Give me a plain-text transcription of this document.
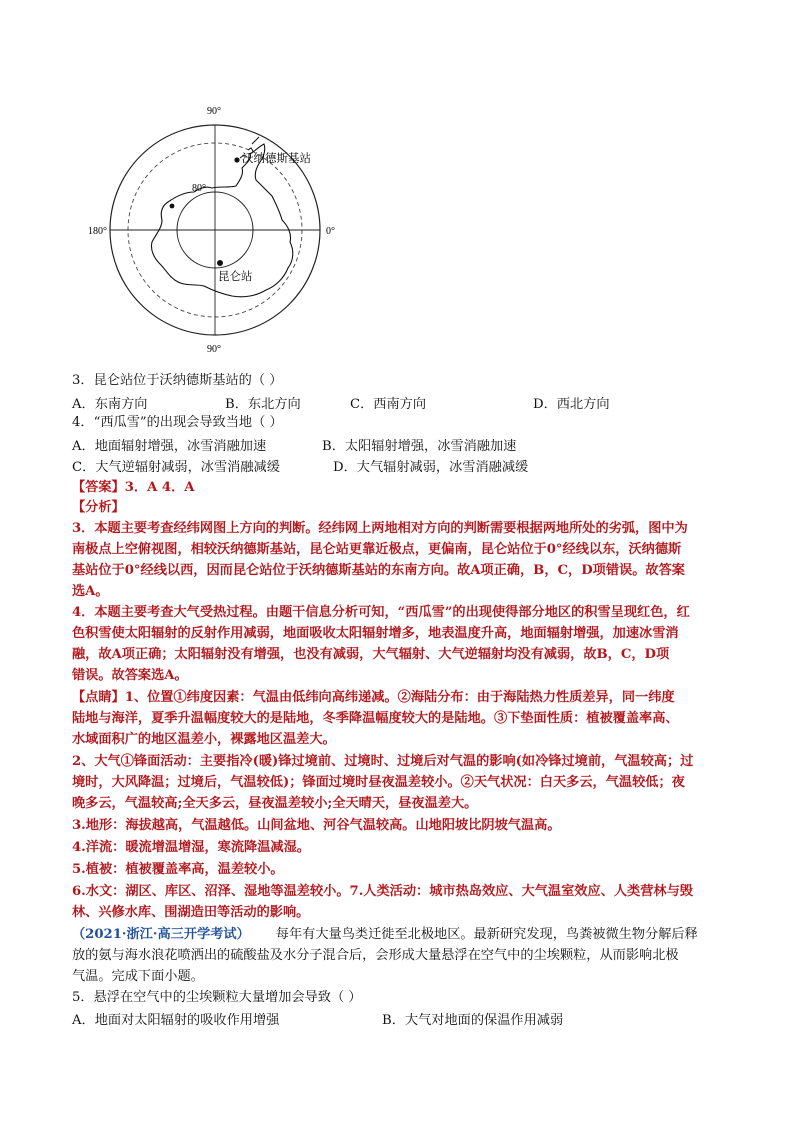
90°
90°
180°	0°
80°
沃纳德斯基站
昆仑站
3．昆仑站位于沃纳德斯基站的（ ）
A．东南方向	B．东北方向	C．西南方向	D．西北方向
4．“西瓜雪”的出现会导致当地（ ）
A．地面辐射增强，冰雪消融加速	B．太阳辐射增强，冰雪消融加速
C．大气逆辐射减弱，冰雪消融减缓	D．大气辐射减弱，冰雪消融减缓
【答案】3．A 4．A
【分析】
3．本题主要考查经纬网图上方向的判断。经纬网上两地相对方向的判断需要根据两地所处的劣弧，图中为
南极点上空俯视图，相较沃纳德斯基站，昆仑站更靠近极点，更偏南，昆仑站位于0°经线以东，沃纳德斯
基站位于0°经线以西，因而昆仑站位于沃纳德斯基站的东南方向。故A项正确，B，C，D项错误。故答案
选A。
4．本题主要考查大气受热过程。由题干信息分析可知，“西瓜雪”的出现使得部分地区的积雪呈现红色，红
色积雪使太阳辐射的反射作用减弱，地面吸收太阳辐射增多，地表温度升高，地面辐射增强，加速冰雪消
融，故A项正确；太阳辐射没有增强，也没有减弱，大气辐射、大气逆辐射均没有减弱，故B，C，D项
错误。故答案选A。
【点睛】1、位置①纬度因素：气温由低纬向高纬递减。②海陆分布：由于海陆热力性质差异，同一纬度
陆地与海洋，夏季升温幅度较大的是陆地，冬季降温幅度较大的是陆地。③下垫面性质：植被覆盖率高、
水域面积广的地区温差小，裸露地区温差大。
2、大气①锋面活动：主要指冷(暖)锋过境前、过境时、过境后对气温的影响(如冷锋过境前，气温较高；过
境时，大风降温；过境后，气温较低)；锋面过境时昼夜温差较小。②天气状况：白天多云，气温较低；夜
晚多云，气温较高;全天多云，昼夜温差较小;全天晴天，昼夜温差大。
3.地形：海拔越高，气温越低。山间盆地、河谷气温较高。山地阳坡比阴坡气温高。
4.洋流：暖流增温增湿，寒流降温减湿。
5.植被：植被覆盖率高，温差较小。
6.水文：湖区、库区、沼泽、湿地等温差较小。7.人类活动：城市热岛效应、大气温室效应、人类营林与毁
林、兴修水库、围湖造田等活动的影响。
（2021·浙江·高三开学考试） 每年有大量鸟类迁徙至北极地区。最新研究发现，鸟粪被微生物分解后释
放的氨与海水浪花喷洒出的硫酸盐及水分子混合后，会形成大量悬浮在空气中的尘埃颗粒，从而影响北极
气温。完成下面小题。
5．悬浮在空气中的尘埃颗粒大量增加会导致（ ）
A．地面对太阳辐射的吸收作用增强	B．大气对地面的保温作用减弱
